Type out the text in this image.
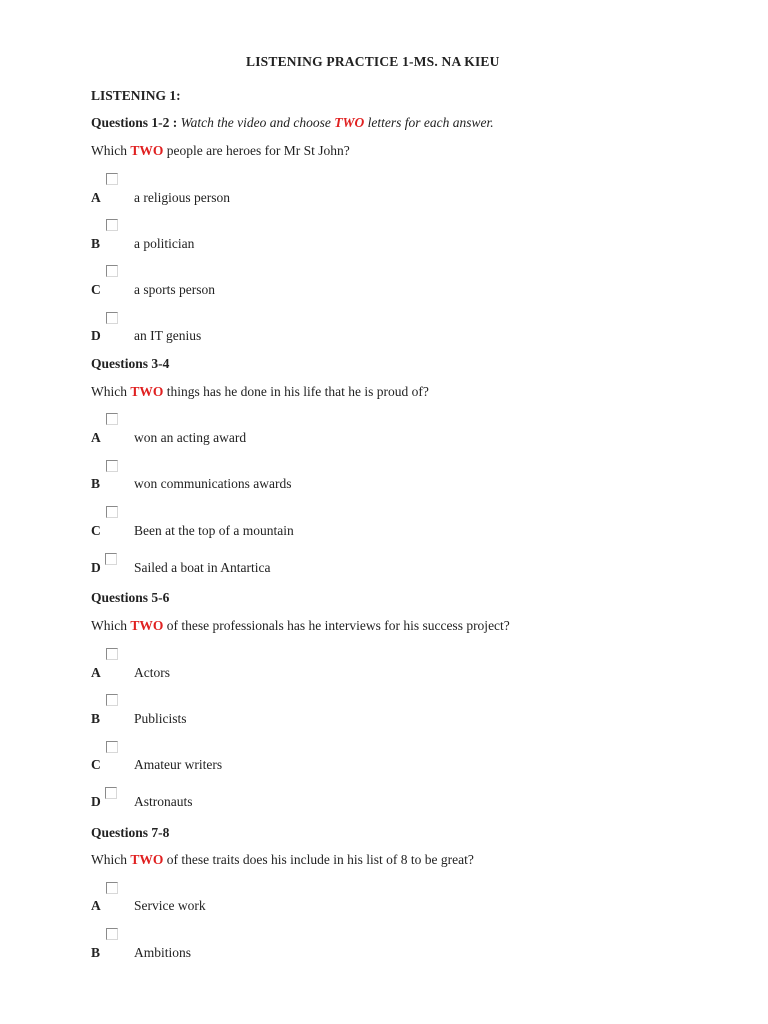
LISTENING PRACTICE 1-MS. NA KIEU
LISTENING 1:
Questions 1-2 : Watch the video and choose TWO letters for each answer.
Which TWO people are heroes for Mr St John?
A a religious person
B	a politician
C a sports person
D an IT genius
Questions 3-4
Which TWO things has he done in his life that he is proud of?
A won an acting award
B	won communications awards
C Been at the top of a mountain
D Sailed a boat in Antartica
Questions 5-6
Which TWO of these professionals has he interviews for his success project?
A Actors
B	Publicists
C Amateur writers
D Astronauts
Questions 7-8
Which TWO of these traits does his include in his list of 8 to be great?
A Service work
B	Ambitions
